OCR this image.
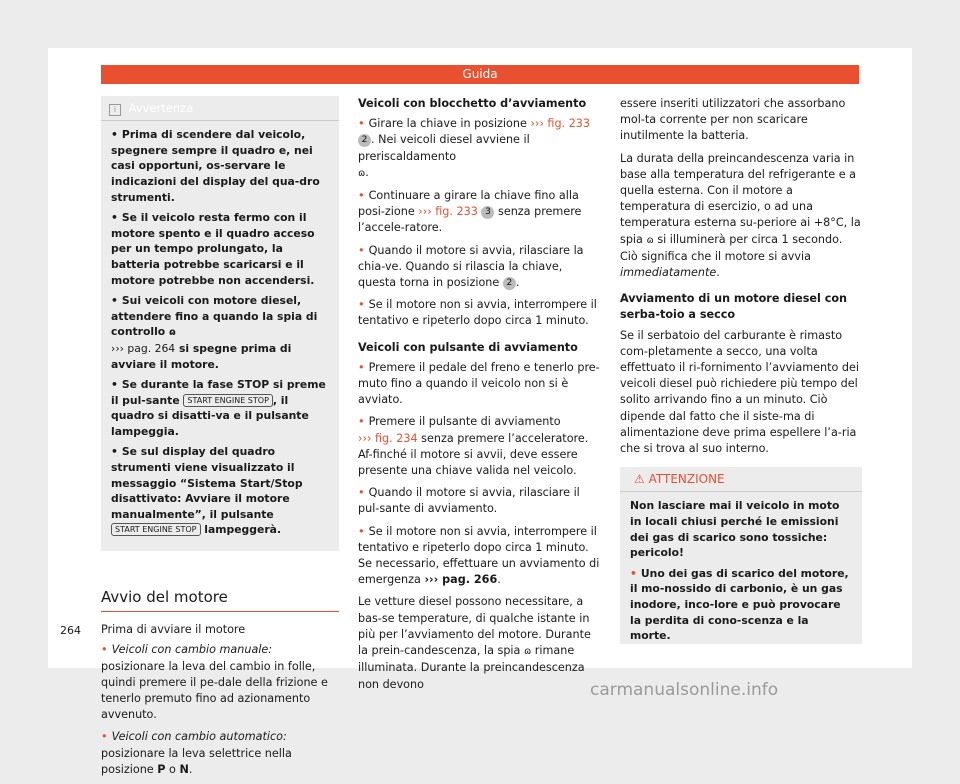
Guida
i Avvertenza

• Prima di scendere dal veicolo, spegnere sempre il quadro e, nei casi opportuni, os-servare le indicazioni del display del qua-dro strumenti.

• Se il veicolo resta fermo con il motore spento e il quadro acceso per un tempo prolungato, la batteria potrebbe scaricarsi e il motore potrebbe non accendersi.

• Sui veicoli con motore diesel, attendere fino a quando la spia di controllo ɷ
››› pag. 264 si spegne prima di avviare il motore.

• Se durante la fase STOP si preme il pul-sante START ENGINE STOP , il quadro si disatti-va e il pulsante lampeggia.

• Se sul display del quadro strumenti viene visualizzato il messaggio “Sistema Start/Stop disattivato: Avviare il motore manualmente”, il pulsante
START ENGINE STOP lampeggerà.

Avvio del motore

Prima di avviare il motore

• Veicoli con cambio manuale: posizionare la leva del cambio in folle, quindi premere il pe-dale della frizione e tenerlo premuto fino ad azionamento avvenuto.

• Veicoli con cambio automatico: posizionare la leva selettrice nella posizione P o N.

Veicoli con blocchetto d’avviamento

• Girare la chiave in posizione ››› fig. 233 2 . Nei veicoli diesel avviene il preriscaldamento
ɷ.

• Continuare a girare la chiave fino alla posi-zione ››› fig. 233 3 senza premere l’accele-ratore.

• Quando il motore si avvia, rilasciare la chia-ve. Quando si rilascia la chiave, questa torna in posizione 2 .

• Se il motore non si avvia, interrompere il tentativo e ripeterlo dopo circa 1 minuto.

Veicoli con pulsante di avviamento

• Premere il pedale del freno e tenerlo pre-muto fino a quando il veicolo non si è avviato.

• Premere il pulsante di avviamento
››› fig. 234 senza premere l’acceleratore. Af-finché il motore si avvii, deve essere presente una chiave valida nel veicolo.

• Quando il motore si avvia, rilasciare il pul-sante di avviamento.

• Se il motore non si avvia, interrompere il tentativo e ripeterlo dopo circa 1 minuto. Se necessario, effettuare un avviamento di emergenza ››› pag. 266.

Le vetture diesel possono necessitare, a bas-se temperature, di qualche istante in più per l’avviamento del motore. Durante la prein-candescenza, la spia ɷ rimane illuminata. Durante la preincandescenza non devono

essere inseriti utilizzatori che assorbano mol-ta corrente per non scaricare inutilmente la batteria.

La durata della preincandescenza varia in base alla temperatura del refrigerante e a quella esterna. Con il motore a temperatura di esercizio, o ad una temperatura esterna su-periore ai +8°C, la spia ɷ si illuminerà per circa 1 secondo. Ciò significa che il motore si avvia immediatamente.

Avviamento di un motore diesel con serba-toio a secco

Se il serbatoio del carburante è rimasto com-pletamente a secco, una volta effettuato il ri-fornimento l’avviamento dei veicoli diesel può richiedere più tempo del solito arrivando fino a un minuto. Ciò dipende dal fatto che il siste-ma di alimentazione deve prima espellere l’a-ria che si trova al suo interno.

⚠ ATTENZIONE

Non lasciare mai il veicolo in moto in locali chiusi perché le emissioni dei gas di scarico sono tossiche: pericolo!

• Uno dei gas di scarico del motore, il mo-nossido di carbonio, è un gas inodore, inco-lore e può provocare la perdita di cono-scenza e la morte.

264
carmanualsonline.info
